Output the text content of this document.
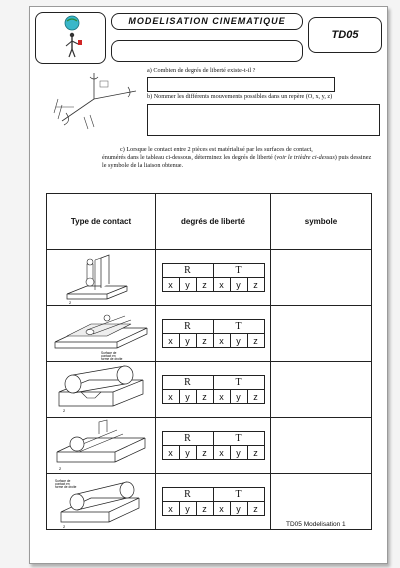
MODELISATION CINEMATIQUE
TD05
a) Combien de degrés de liberté existe-t-il ?
b) Nommer les différents mouvements possibles dans un repère (O, x, y, z)
c) Lorsque le contact entre 2 pièces est matérialisé par les surfaces de contact,
énumérés dans le tableau ci-dessous, déterminez les degrés de liberté (voir le trièdre ci-dessus) puis dessinez le symbole de la liaison obtenue.
Type de contact	degrés de liberté	symbole

2

R	T
x	y	z	x	y	z

Surface de
contact en
forme de droite

R	T
x	y	z	x	y	z

2

R	T
x	y	z	x	y	z

2

R	T
x	y	z	x	y	z

Surface de
contact en
forme de droite
2

R	T
x	y	z	x	y	z

TD05 Modelisation 1
